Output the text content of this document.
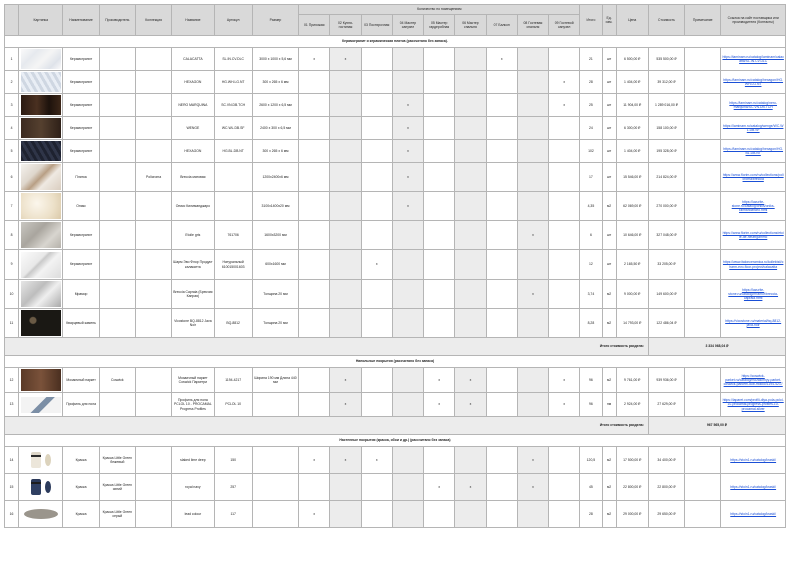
	Картинка	Наименование	Производитель	Коллекция	Название	Артикул	Размер	Количество по помещениям									Итого	Ед. изм.	Цена	Стоимость	Примечание	Ссылка на сайт поставщика или производителя (Контакты)
								01 Прихожая	02 Кухня-гостиная	03 Постирочная	04 Мастер санузел	05 Мастер гардеробная	06 Мастер спальня	07 Балкон	08 Гостевая спальня	09 Гостевой санузел						
Керамогранит и керамическая плитка (рассчитано без запаса).																						
1		Керамогранит			CALACATTA	SL.IN.CV.DLC	3000 х 1000 х 5,6 мм	x	x					x			21	шт	6 500,00 ₽	535 500,00 ₽		https://laminam.ru/catalog/laminam/calacatta/SL.IN.CV.DLC
2		Керамогранит			HEXAGON	HG.WH.LG.NT	300 х 265 х 6 мм									x	28	шт	1 404,00 ₽	39 312,00 ₽		https://laminam.ru/catalog/hexagon/HG.WH.LG.NT
3		Керамогранит			NERO MARQUINA	SC.VN.DB.TCH	2600 х 1200 х 6,5 мм				x					x	25	шт	11 904,00 ₽	1 289 016,00 ₽		https://laminam.ru/catalog/nero-marquina/SC.VN.DB.TCH
4		Керамогранит			WENGE	WC.WL.DB.SF	2400 х 300 х 6,5 мм				x						24	шт	6 300,00 ₽	158 100,00 ₽		https://laminam.ru/catalog/wenge/WC.WL.DB.SF
5		Керамогранит			HEXAGON	HG.BL.DB.NT	300 х 265 х 6 мм				x						102	шт	1 404,00 ₽	195 328,00 ₽		https://laminam.ru/catalog/hexagon/HG.BL.DB.NT
6		Плитка		Policroma	Breccia матовая		1200х2400х6 мм				x						17	шт	15 546,00 ₽	214 824,00 ₽		https://www.florim.com/ru/collections/policroma/breccia
7		Оникс			Оникс Килиманджаро		3100х1400х20 мм				x						4,35	м2	62 069,00 ₽	270 000,00 ₽		https://lazurite-stone.ru/catalog/oniks/oniks-kilimandzharo.html
8		Керамогранит			Etoile gris	761706	1600х3200 мм								x		6	шт	10 646,00 ₽	327 048,00 ₽		https://www.florim.com/ru/collections/etoile-de-neufbgammc
9		Керамогранит			Шарм Эво Флор Продукт калакатта	Натуральный 610015001603	600х1600 мм			x							12	шт	2 165,50 ₽	33 205,00 ₽		https://www.italonceramica.ru/kollektsii/charm-evo-floor-project/calacatta
10		Мрамор			Breccia Capraia (Брекчия Капрая)		Толщина 20 мм								x		3,74	м2	9 000,00 ₽	149 600,00 ₽		https://lazurite-stone.ru/catalog/mramor/breccia-capraia.html
11		Кварцевый камень			Vicostone BQ-8812 Java Noir	BQ-8812	Толщина 20 мм										8,28	м2	14 793,00 ₽	122 486,04 ₽		https://vicostone.ru/material/bq-8812-java-noir
Итого стоимость раздела:																				3 334 068,04 ₽		
Напольные покрытия (рассчитано без запаса)																						
12		Мозаичный паркет	Coswick		Мозаичный паркет Coswick Паркетри	1194-4217	Ширина 190 мм Длина 440 мм		x			x	x			x	96	м2	9 761,00 ₽	939 936,00 ₽		https://coswick-parket.ru/catalog/mozaichnyy-parket-coswick-parketri-dub-mokko/1194-4217
13		Профиль для пола			Профиль для пола PCLOL 10 - PROCAMAL Progress Profiles	PCLOL 10			x			x	x			x	96	пм	2 924,00 ₽	27 629,00 ₽		https://laparet.com/profili-dlya-pola-pclol-10-procamal-progress-profiles-10-procamal-silver
Итого стоимость раздела:																				967 565,00 ₽		
Настенные покрытия (краска, обои и др.) (рассчитано без запаса)																						
14		Краска	Краска Little Green бежевый		slaked lime deep	150		x	x	x					x		120,5	м2	17 500,00 ₽	34 400,00 ₽		https://stoin1.ru/catalog/kraski/
15		Краска	Краска Little Green синий		royal navy	257						x	x		x		45	м2	22 800,00 ₽	22 800,00 ₽		https://stoin1.ru/catalog/kraski/
16		Краска	Краска Little Green серый		lead colour	117		x									28	м2	29 000,00 ₽	29 650,00 ₽		https://stoin1.ru/catalog/kraski/
